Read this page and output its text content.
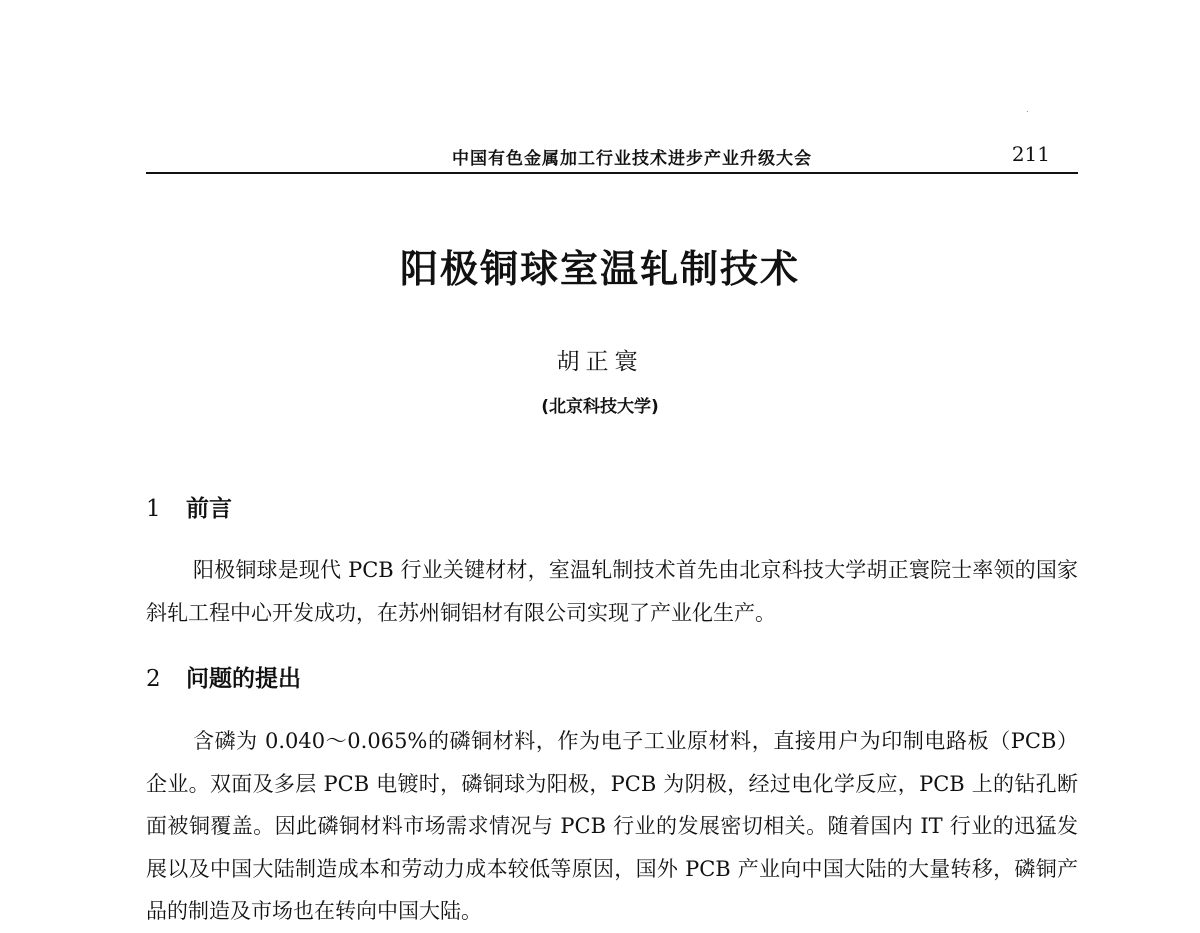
ᐧ
中国有色金属加工行业技术进步产业升级大会	211
阳极铜球室温轧制技术
胡正寰
(北京科技大学)
1 前言

阳极铜球是现代 PCB 行业关键材材，室温轧制技术首先由北京科技大学胡正寰院士率领的国家斜轧工程中心开发成功，在苏州铜铝材有限公司实现了产业化生产。

2 问题的提出

含磷为 0.040～0.065%的磷铜材料，作为电子工业原材料，直接用户为印制电路板（PCB）企业。双面及多层 PCB 电镀时，磷铜球为阳极，PCB 为阴极，经过电化学反应，PCB 上的钻孔断面被铜覆盖。因此磷铜材料市场需求情况与 PCB 行业的发展密切相关。随着国内 IT 行业的迅猛发展以及中国大陆制造成本和劳动力成本较低等原因，国外 PCB 产业向中国大陆的大量转移，磷铜产品的制造及市场也在转向中国大陆。
